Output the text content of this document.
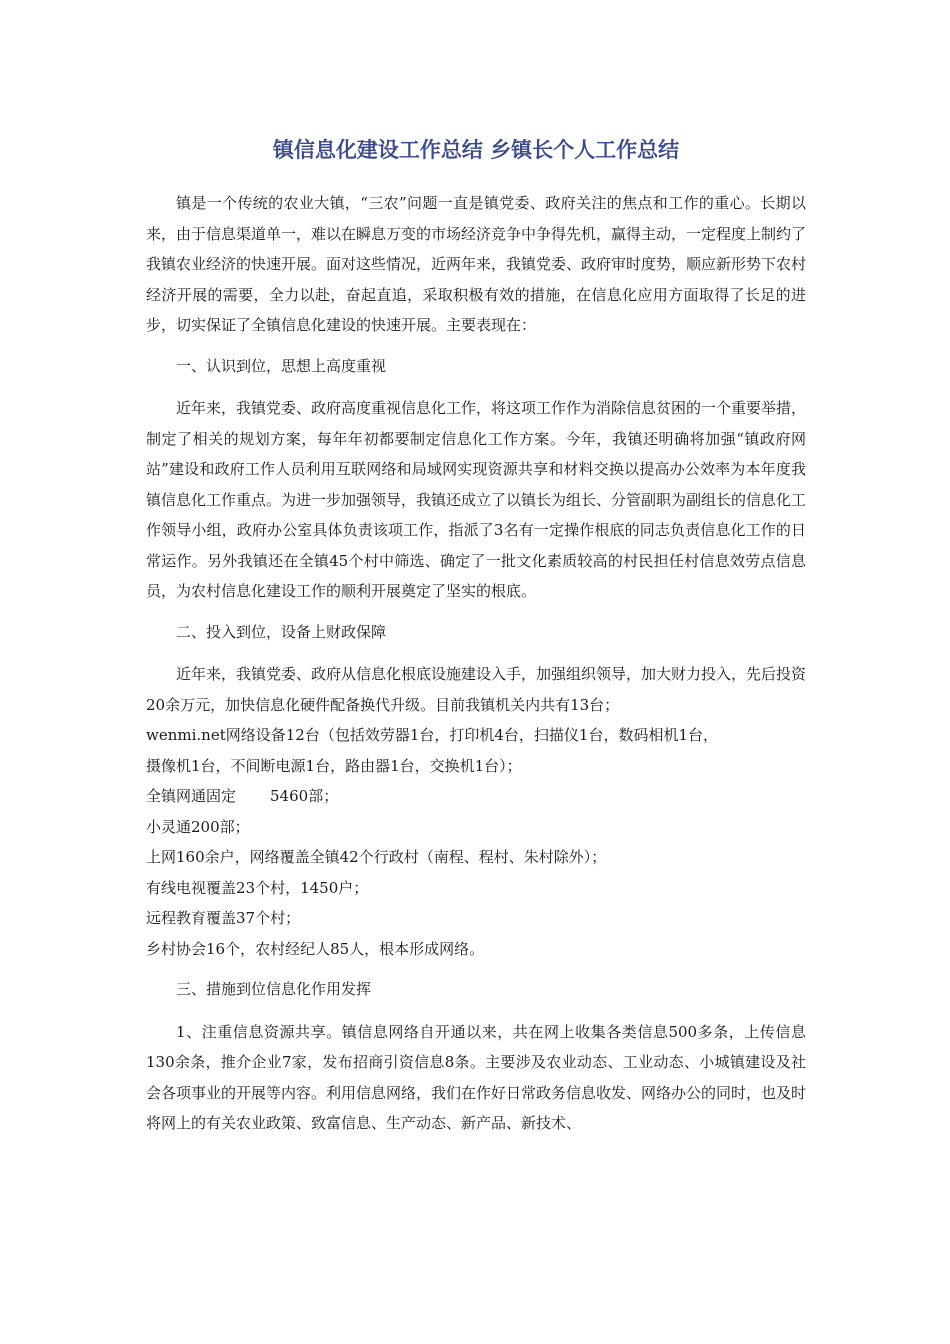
镇信息化建设工作总结 乡镇长个人工作总结

镇是一个传统的农业大镇，“三农”问题一直是镇党委、政府关注的焦点和工作的重心。长期以来，由于信息渠道单一，难以在瞬息万变的市场经济竞争中争得先机，赢得主动，一定程度上制约了我镇农业经济的快速开展。面对这些情况，近两年来，我镇党委、政府审时度势，顺应新形势下农村经济开展的需要，全力以赴，奋起直追，采取积极有效的措施，在信息化应用方面取得了长足的进步，切实保证了全镇信息化建设的快速开展。主要表现在：

一、认识到位，思想上高度重视

近年来，我镇党委、政府高度重视信息化工作，将这项工作作为消除信息贫困的一个重要举措，制定了相关的规划方案，每年年初都要制定信息化工作方案。今年，我镇还明确将加强“镇政府网站”建设和政府工作人员利用互联网络和局域网实现资源共享和材料交换以提高办公效率为本年度我镇信息化工作重点。为进一步加强领导，我镇还成立了以镇长为组长、分管副职为副组长的信息化工作领导小组，政府办公室具体负责该项工作，指派了3名有一定操作根底的同志负责信息化工作的日常运作。另外我镇还在全镇45个村中筛选、确定了一批文化素质较高的村民担任村信息效劳点信息员，为农村信息化建设工作的顺利开展奠定了坚实的根底。

二、投入到位，设备上财政保障

近年来，我镇党委、政府从信息化根底设施建设入手，加强组织领导，加大财力投入，先后投资20余万元，加快信息化硬件配备换代升级。目前我镇机关内共有13台；

wenmi.net网络设备12台（包括效劳器1台，打印机4台，扫描仪1台，数码相机1台，

摄像机1台，不间断电源1台，路由器1台，交换机1台）；

全镇网通固定 5460部；

小灵通200部；

上网160余户，网络覆盖全镇42个行政村（南程、程村、朱村除外）；

有线电视覆盖23个村，1450户；

远程教育覆盖37个村；

乡村协会16个，农村经纪人85人，根本形成网络。

三、措施到位信息化作用发挥

1、注重信息资源共享。镇信息网络自开通以来，共在网上收集各类信息500多条，上传信息130余条，推介企业7家，发布招商引资信息8条。主要涉及农业动态、工业动态、小城镇建设及社会各项事业的开展等内容。利用信息网络，我们在作好日常政务信息收发、网络办公的同时，也及时将网上的有关农业政策、致富信息、生产动态、新产品、新技术、
